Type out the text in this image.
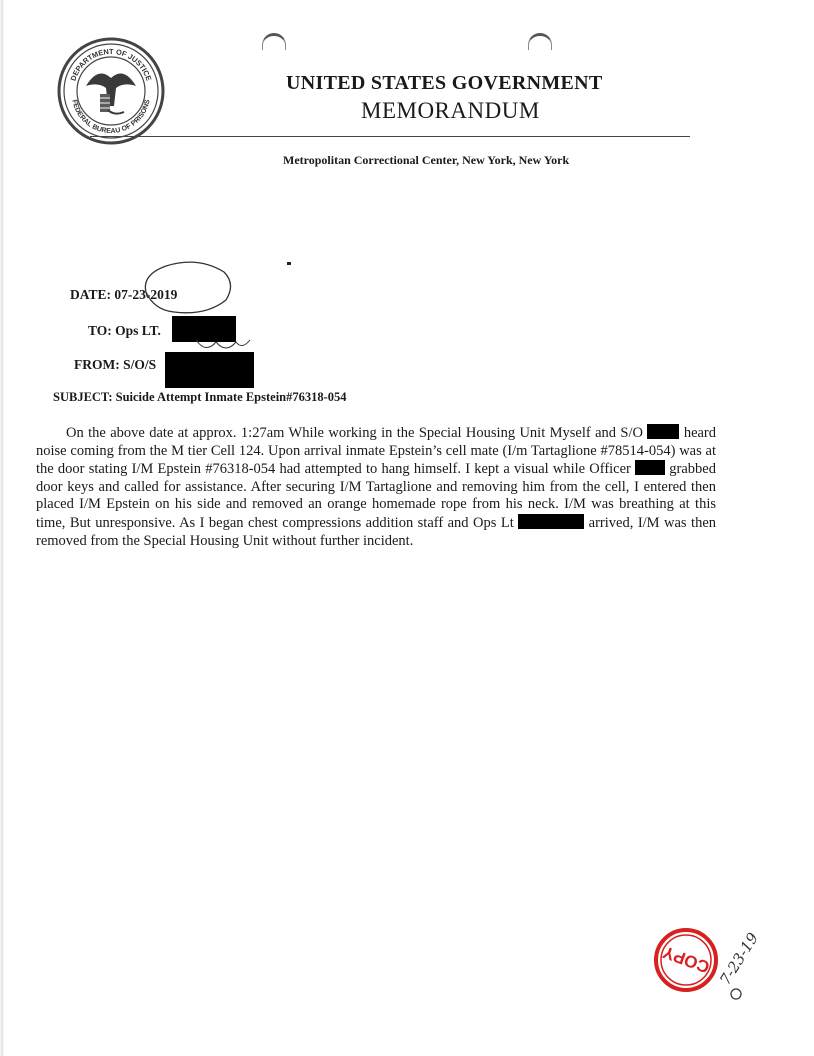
DEPARTMENT OF JUSTICE
FEDERAL BUREAU OF PRISONS
UNITED STATES GOVERNMENT
MEMORANDUM
Metropolitan Correctional Center, New York, New York
DATE: 07-23-2019
TO: Ops LT.
FROM: S/O/S
SUBJECT: Suicide Attempt Inmate Epstein#76318-054
On the above date at approx. 1:27am While working in the Special Housing Unit Myself and S/O	heard noise coming from the M tier Cell 124. Upon arrival inmate Epstein’s cell mate (I/m Tartaglione #78514-054) was at the door stating I/M Epstein #76318-054 had attempted to hang himself. I kept a visual while Officer	grabbed door keys and called for assistance. After securing I/M Tartaglione and removing him from the cell, I entered then placed I/M Epstein on his side and removed an orange homemade rope from his neck. I/M was breathing at this time, But unresponsive. As I began chest compressions addition staff and Ops Lt	arrived, I/M was then removed from the Special Housing Unit without further incident.
COPY 7-23-19
